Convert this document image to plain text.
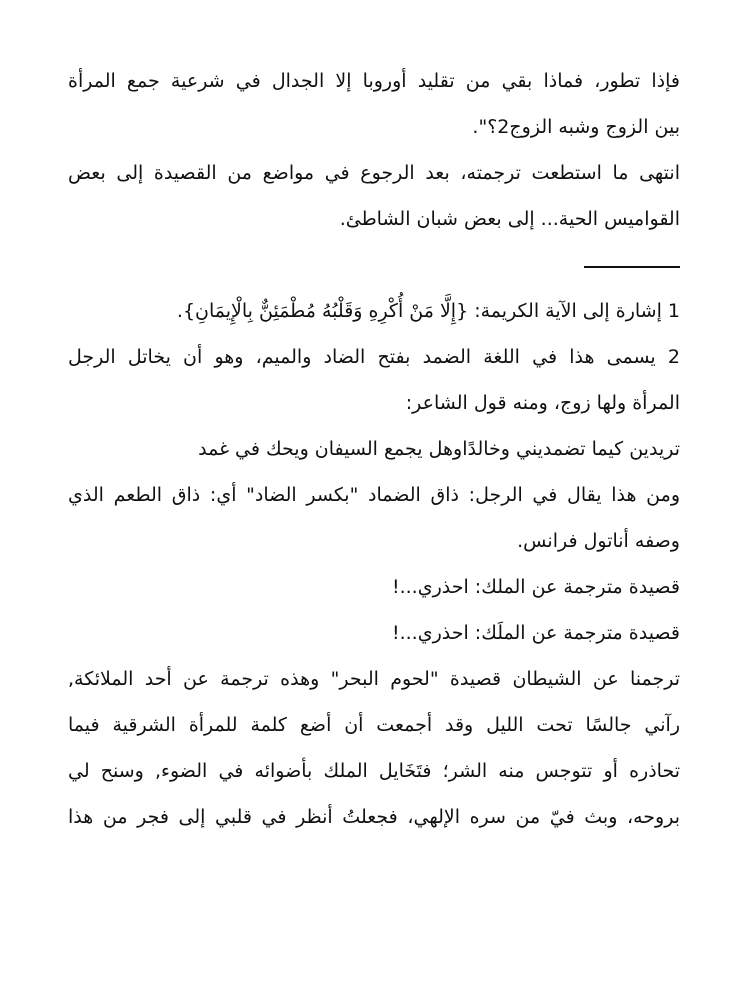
فإذا تطور، فماذا بقي من تقليد أوروبا إلا الجدال في شرعية جمع المرأة
بين الزوج وشبه الزوج2؟".
انتهى ما استطعت ترجمته، بعد الرجوع في مواضع من القصيدة إلى بعض
القواميس الحية... إلى بعض شبان الشاطئ.
1 إشارة إلى الآية الكريمة: {إِلَّا مَنْ أُكْرِهِ وَقَلْبُهُ مُطْمَئِنٌّ بِالْإِيمَانِ}.
2 يسمى هذا في اللغة الضمد بفتح الضاد والميم، وهو أن يخاتل الرجل
المرأة ولها زوج، ومنه قول الشاعر:
تريدين كيما تضمديني وخالدًاوهل يجمع السيفان ويحك في غمد
ومن هذا يقال في الرجل: ذاق الضماد "بكسر الضاد" أي: ذاق الطعم الذي
وصفه أناتول فرانس.
قصيدة مترجمة عن الملك: احذري...!
قصيدة مترجمة عن الملَك: احذري...!
ترجمنا عن الشيطان قصيدة "لحوم البحر" وهذه ترجمة عن أحد الملائكة,
رآني جالسًا تحت الليل وقد أجمعت أن أضع كلمة للمرأة الشرقية فيما
تحاذره أو تتوجس منه الشر؛ فتَخَايل الملك بأضوائه في الضوء, وسنح لي
بروحه، وبث فيّ من سره الإلهي، فجعلتُ أنظر في قلبي إلى فجر من هذا
